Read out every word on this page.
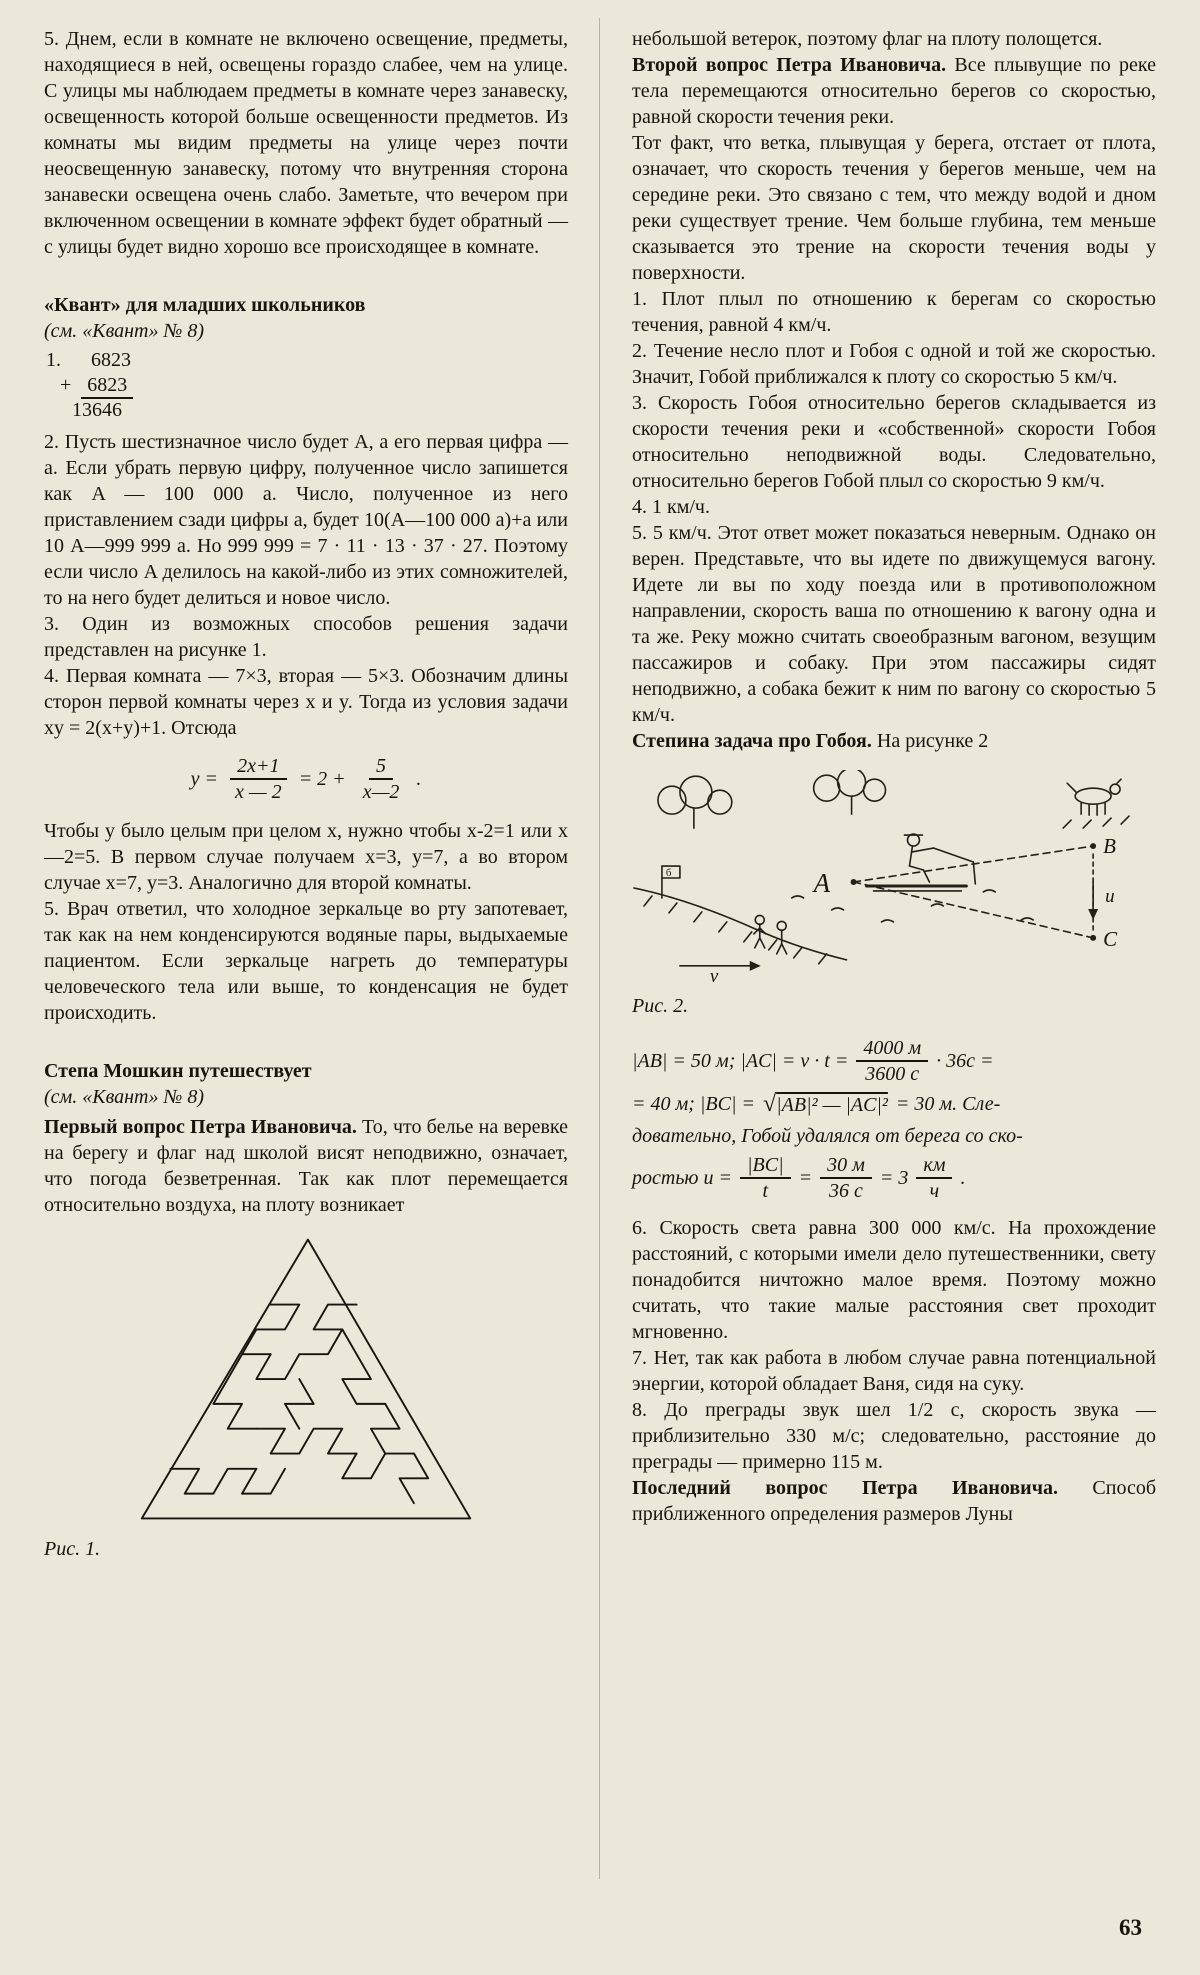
5. Днем, если в комнате не включено освещение, предметы, находящиеся в ней, освещены гораздо слабее, чем на улице. С улицы мы наблюдаем предметы в комнате через занавеску, освещенность которой больше освещенности предметов. Из комнаты мы видим предметы на улице через почти неосвещенную занавеску, потому что внутренняя сторона занавески освещена очень слабо. Заметьте, что вечером при включенном освещении в комнате эффект будет обратный — с улицы будет видно хорошо все происходящее в комнате.

«Квант» для младших школьников

(см. «Квант» № 8)

1. 6823
+ 6823
13646

2. Пусть шестизначное число будет A, а его первая цифра — a. Если убрать первую цифру, полученное число запишется как A — 100 000 a. Число, полученное из него приставлением сзади цифры a, будет 10(A—100 000 a)+a или 10 A—999 999 a. Но 999 999 = 7 · 11 · 13 · 37 · 27. Поэтому если число A делилось на какой-либо из этих сомножителей, то на него будет делиться и новое число.

3. Один из возможных способов решения задачи представлен на рисунке 1.

4. Первая комната — 7×3, вторая — 5×3. Обозначим длины сторон первой комнаты через x и y. Тогда из условия задачи xy = 2(x+y)+1. Отсюда

$y = \frac{2x+1}{x — 2} = 2 + \frac{5}{x—2}$ .

Чтобы y было целым при целом x, нужно чтобы x-2=1 или x—2=5. В первом случае получаем x=3, y=7, а во втором случае x=7, y=3. Аналогично для второй комнаты.

5. Врач ответил, что холодное зеркальце во рту запотевает, так как на нем конденсируются водяные пары, выдыхаемые пациентом. Если зеркальце нагреть до температуры человеческого тела или выше, то конденсация не будет происходить.

Степа Мошкин путешествует

(см. «Квант» № 8)

Первый вопрос Петра Ивановича. То, что белье на веревке на берегу и флаг над школой висят неподвижно, означает, что погода безветренная. Так как плот перемещается относительно воздуха, на плоту возникает

Рис. 1.

небольшой ветерок, поэтому флаг на плоту полощется.

Второй вопрос Петра Ивановича. Все плывущие по реке тела перемещаются относительно берегов со скоростью, равной скорости течения реки.

Тот факт, что ветка, плывущая у берега, отстает от плота, означает, что скорость течения у берегов меньше, чем на середине реки. Это связано с тем, что между водой и дном реки существует трение. Чем больше глубина, тем меньше сказывается это трение на скорости течения воды у поверхности.

1. Плот плыл по отношению к берегам со скоростью течения, равной 4 км/ч.

2. Течение несло плот и Гобоя с одной и той же скоростью. Значит, Гобой приближался к плоту со скоростью 5 км/ч.

3. Скорость Гобоя относительно берегов складывается из скорости течения реки и «собственной» скорости Гобоя относительно неподвижной воды. Следовательно, относительно берегов Гобой плыл со скоростью 9 км/ч.

4. 1 км/ч.

5. 5 км/ч. Этот ответ может показаться неверным. Однако он верен. Представьте, что вы идете по движущемуся вагону. Идете ли вы по ходу поезда или в противоположном направлении, скорость ваша по отношению к вагону одна и та же. Реку можно считать своеобразным вагоном, везущим пассажиров и собаку. При этом пассажиры сидят неподвижно, а собака бежит к ним по вагону со скоростью 5 км/ч.

Степина задача про Гобоя. На рисунке 2

б	A
В
С
u
v

Рис. 2.

|AB| = 50 м; $|AC| = v \cdot t = \frac{4000 м}{3600 с} \cdot 36с$ =
= 40 м; |BC| = √ |AB|² — |AC|² = 30 м. Сле-
довательно, Гобой удалялся от берега со ско-
ростью $u = \frac{|BC|}{t} = \frac{30 м}{36 с} = 3 \frac{км}{ч}$ .

6. Скорость света равна 300 000 км/с. На прохождение расстояний, с которыми имели дело путешественники, свету понадобится ничтожно малое время. Поэтому можно считать, что такие малые расстояния свет проходит мгновенно.

7. Нет, так как работа в любом случае равна потенциальной энергии, которой обладает Ваня, сидя на суку.

8. До преграды звук шел 1/2 с, скорость звука — приблизительно 330 м/с; следовательно, расстояние до преграды — примерно 115 м.

Последний вопрос Петра Ивановича. Способ приближенного определения размеров Луны

63
